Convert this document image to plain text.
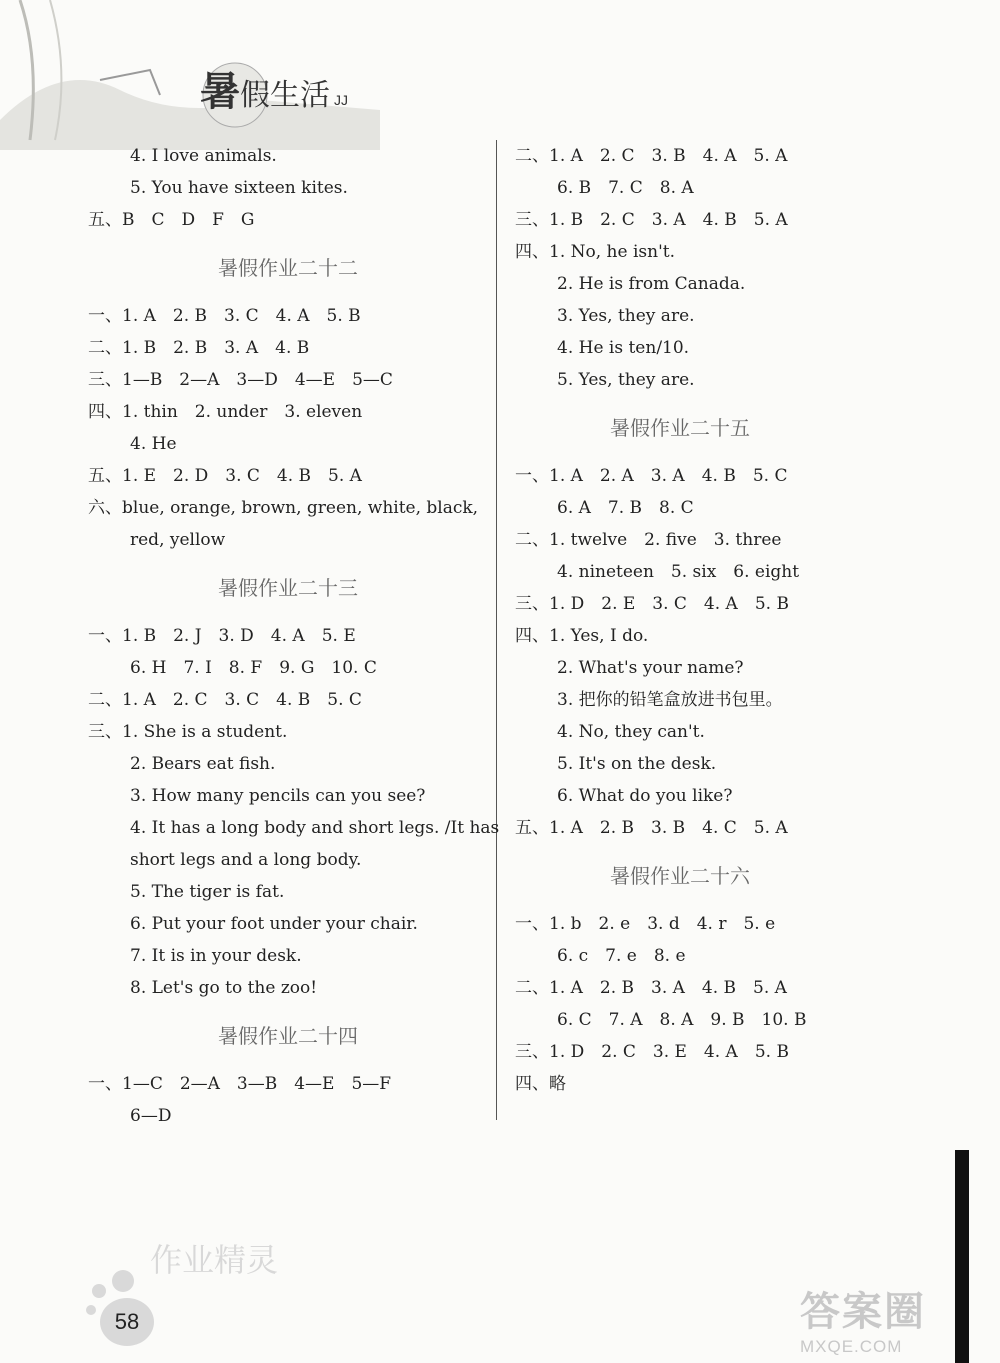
暑假生活 JJ
4. I love animals.
5. You have sixteen kites.
五、B　C　D　F　G
暑假作业二十二
一、1. A　2. B　3. C　4. A　5. B
二、1. B　2. B　3. A　4. B
三、1—B　2—A　3—D　4—E　5—C
四、1. thin　2. under　3. eleven
4. He
五、1. E　2. D　3. C　4. B　5. A
六、blue, orange, brown, green, white, black,
red, yellow
暑假作业二十三
一、1. B　2. J　3. D　4. A　5. E
6. H　7. I　8. F　9. G　10. C
二、1. A　2. C　3. C　4. B　5. C
三、1. She is a student.
2. Bears eat fish.
3. How many pencils can you see?
4. It has a long body and short legs. /It has
short legs and a long body.
5. The tiger is fat.
6. Put your foot under your chair.
7. It is in your desk.
8. Let's go to the zoo!
暑假作业二十四
一、1—C　2—A　3—B　4—E　5—F
6—D
二、1. A　2. C　3. B　4. A　5. A
6. B　7. C　8. A
三、1. B　2. C　3. A　4. B　5. A
四、1. No, he isn't.
2. He is from Canada.
3. Yes, they are.
4. He is ten/10.
5. Yes, they are.
暑假作业二十五
一、1. A　2. A　3. A　4. B　5. C
6. A　7. B　8. C
二、1. twelve　2. five　3. three
4. nineteen　5. six　6. eight
三、1. D　2. E　3. C　4. A　5. B
四、1. Yes, I do.
2. What's your name?
3. 把你的铅笔盒放进书包里。
4. No, they can't.
5. It's on the desk.
6. What do you like?
五、1. A　2. B　3. B　4. C　5. A
暑假作业二十六
一、1. b　2. e　3. d　4. r　5. e
6. c　7. e　8. e
二、1. A　2. B　3. A　4. B　5. A
6. C　7. A　8. A　9. B　10. B
三、1. D　2. C　3. E　4. A　5. B
四、略
作业精灵
58	答案圈
MXQE.COM
